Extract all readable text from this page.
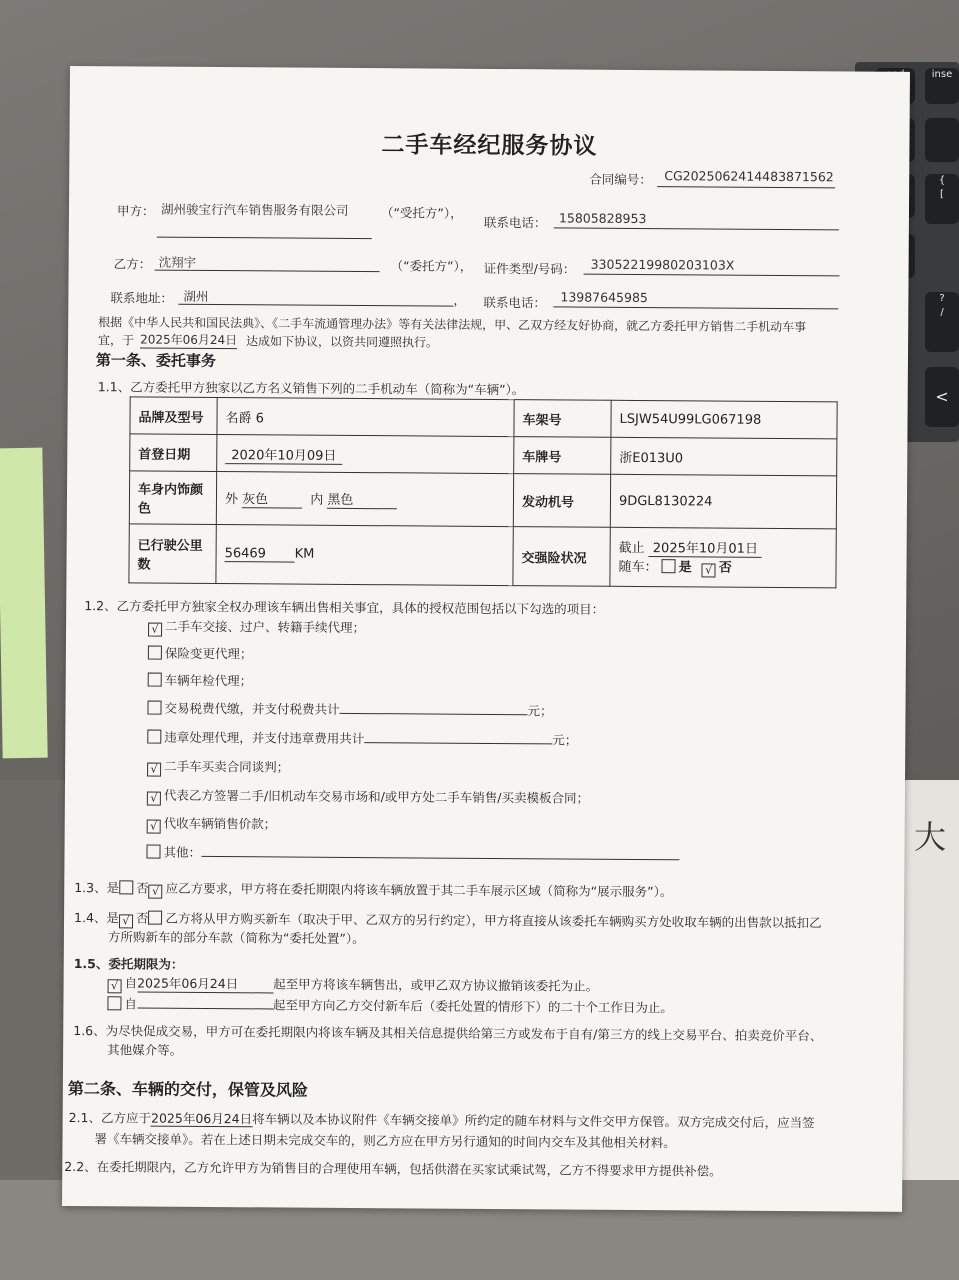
inse
{
[
?
/
<
大
二手车经纪服务协议
合同编号： CG2025062414483871562
甲方： 湖州骏宝行汽车销售服务有限公司	（“受托方”），
联系电话： 15805828953
乙方： 沈翔宇	（“委托方”）， 证件类型/号码： 33052219980203103X
联系地址： 湖州	， 联系电话： 13987645985
根据《中华人民共和国民法典》、《二手车流通管理办法》等有关法律法规，甲、乙双方经友好协商，就乙方委托甲方销售二手机动车事
宜，于 2025年06月24日 达成如下协议，以资共同遵照执行。
第一条、委托事务
1.1、乙方委托甲方独家以乙方名义销售下列的二手机动车（简称为“车辆”）。
品牌及型号	名爵 6	车架号	LSJW54U99LG067198
首登日期	2020年10月09日	车牌号	浙E013U0
车身内饰颜色	外 灰色 内 黑色	发动机号	9DGL8130224
已行驶公里数	56469 KM	交强险状况	截止 2025年10月01日
随车： 是 √ 否
1.2、乙方委托甲方独家全权办理该车辆出售相关事宜，具体的授权范围包括以下勾选的项目：
√ 二手车交接、过户、转籍手续代理；
保险变更代理；
车辆年检代理；
交易税费代缴，并支付税费共计	元；
违章处理代理，并支付违章费用共计	元；
√ 二手车买卖合同谈判；
√ 代表乙方签署二手/旧机动车交易市场和/或甲方处二手车销售/买卖模板合同；
√ 代收车辆销售价款；
其他：
1.3、是 否 √ 应乙方要求，甲方将在委托期限内将该车辆放置于其二手车展示区域（简称为“展示服务”）。
1.4、是 √ 否 乙方将从甲方购买新车（取决于甲、乙双方的另行约定），甲方将直接从该委托车辆购买方处收取车辆的出售款以抵扣乙
方所购新车的部分车款（简称为“委托处置”）。
1.5、委托期限为：
√ 自2025年06月24日	起至甲方将该车辆售出，或甲乙双方协议撤销该委托为止。
自	起至甲方向乙方交付新车后（委托处置的情形下）的二十个工作日为止。
1.6、为尽快促成交易，甲方可在委托期限内将该车辆及其相关信息提供给第三方或发布于自有/第三方的线上交易平台、拍卖竞价平台、
其他媒介等。
第二条、车辆的交付，保管及风险
2.1、乙方应于2025年06月24日将车辆以及本协议附件《车辆交接单》所约定的随车材料与文件交甲方保管。双方完成交付后，应当签
署《车辆交接单》。若在上述日期未完成交车的，则乙方应在甲方另行通知的时间内交车及其他相关材料。
2.2、在委托期限内，乙方允许甲方为销售目的合理使用车辆，包括供潜在买家试乘试驾，乙方不得要求甲方提供补偿。
